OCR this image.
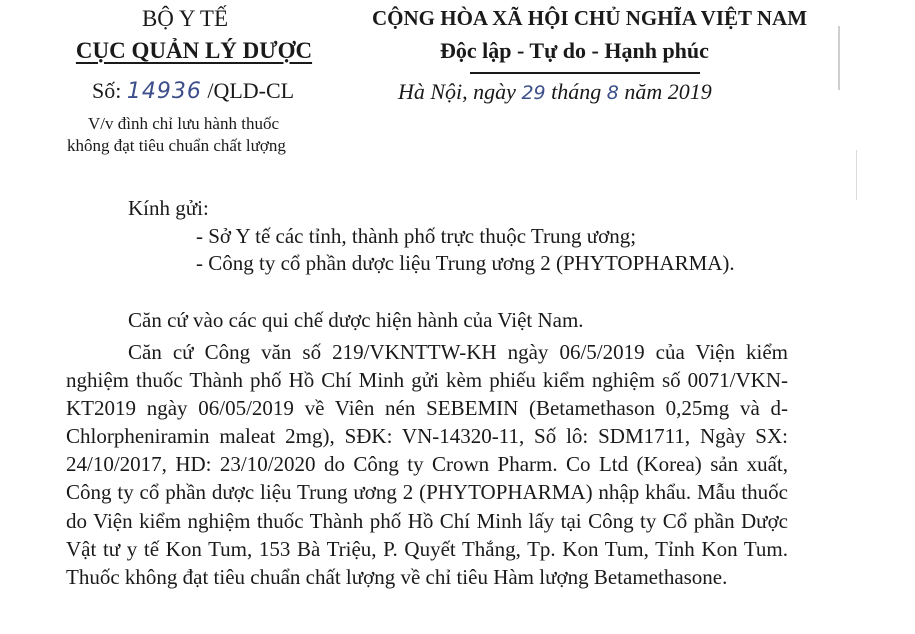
BỘ Y TẾ
CỤC QUẢN LÝ DƯỢC
Số: 14936 /QLD-CL
V/v đình chỉ lưu hành thuốc
không đạt tiêu chuẩn chất lượng
CỘNG HÒA XÃ HỘI CHỦ NGHĨA VIỆT NAM
Độc lập - Tự do - Hạnh phúc
Hà Nội, ngày 29 tháng 8 năm 2019
Kính gửi:
- Sở Y tế các tỉnh, thành phố trực thuộc Trung ương;
- Công ty cổ phần dược liệu Trung ương 2 (PHYTOPHARMA).
Căn cứ vào các qui chế dược hiện hành của Việt Nam.
Căn cứ Công văn số 219/VKNTTW-KH ngày 06/5/2019 của Viện kiểm nghiệm thuốc Thành phố Hồ Chí Minh gửi kèm phiếu kiểm nghiệm số 0071/VKN-KT2019 ngày 06/05/2019 về Viên nén SEBEMIN (Betamethason 0,25mg và d-Chlorpheniramin maleat 2mg), SĐK: VN-14320-11, Số lô: SDM1711, Ngày SX: 24/10/2017, HD: 23/10/2020 do Công ty Crown Pharm. Co Ltd (Korea) sản xuất, Công ty cổ phần dược liệu Trung ương 2 (PHYTOPHARMA) nhập khẩu. Mẫu thuốc do Viện kiểm nghiệm thuốc Thành phố Hồ Chí Minh lấy tại Công ty Cổ phần Dược Vật tư y tế Kon Tum, 153 Bà Triệu, P. Quyết Thắng, Tp. Kon Tum, Tỉnh Kon Tum. Thuốc không đạt tiêu chuẩn chất lượng về chỉ tiêu Hàm lượng Betamethasone.
